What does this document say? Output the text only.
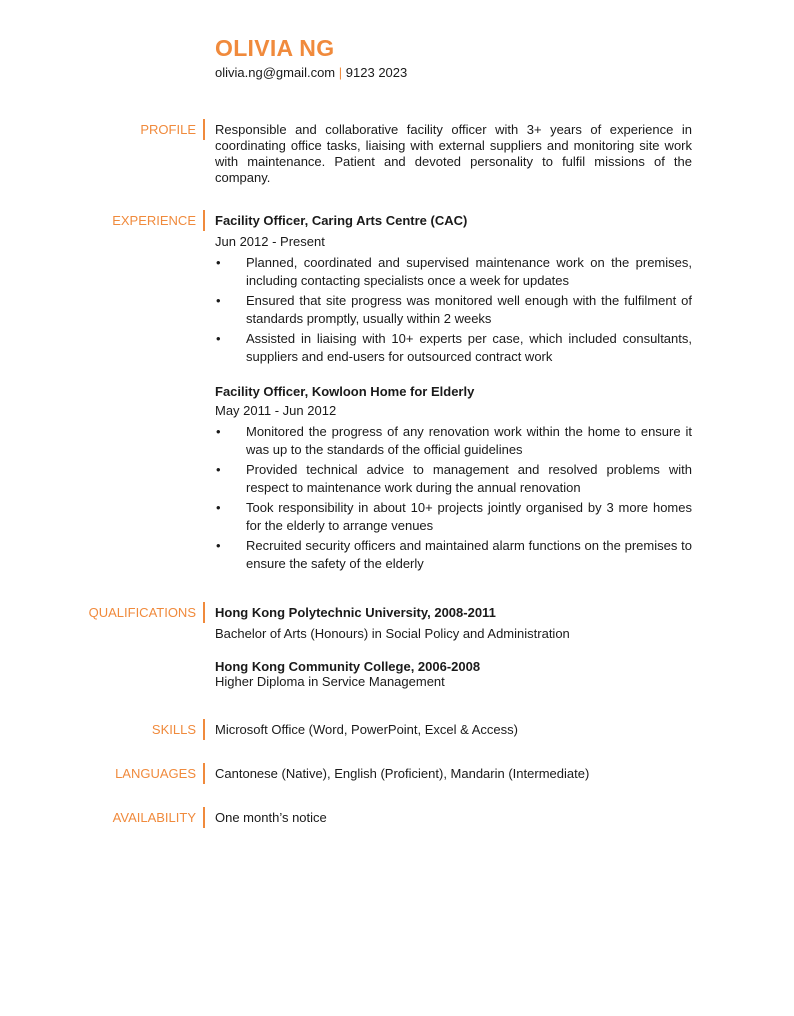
OLIVIA NG
olivia.ng@gmail.com | 9123 2023
PROFILE Responsible and collaborative facility officer with 3+ years of experience in coordinating office tasks, liaising with external suppliers and monitoring site work with maintenance. Patient and devoted personality to fulfil missions of the company.
EXPERIENCE Facility Officer, Caring Arts Centre (CAC)
Jun 2012 - Present
• Planned, coordinated and supervised maintenance work on the premises, including contacting specialists once a week for updates
• Ensured that site progress was monitored well enough with the fulfilment of standards promptly, usually within 2 weeks
• Assisted in liaising with 10+ experts per case, which included consultants, suppliers and end-users for outsourced contract work
Facility Officer, Kowloon Home for Elderly
May 2011 - Jun 2012
• Monitored the progress of any renovation work within the home to ensure it was up to the standards of the official guidelines
• Provided technical advice to management and resolved problems with respect to maintenance work during the annual renovation
• Took responsibility in about 10+ projects jointly organised by 3 more homes for the elderly to arrange venues
• Recruited security officers and maintained alarm functions on the premises to ensure the safety of the elderly
QUALIFICATIONS Hong Kong Polytechnic University, 2008-2011
Bachelor of Arts (Honours) in Social Policy and Administration
Hong Kong Community College, 2006-2008
Higher Diploma in Service Management
SKILLS Microsoft Office (Word, PowerPoint, Excel & Access)
LANGUAGES Cantonese (Native), English (Proficient), Mandarin (Intermediate)
AVAILABILITY One month’s notice
